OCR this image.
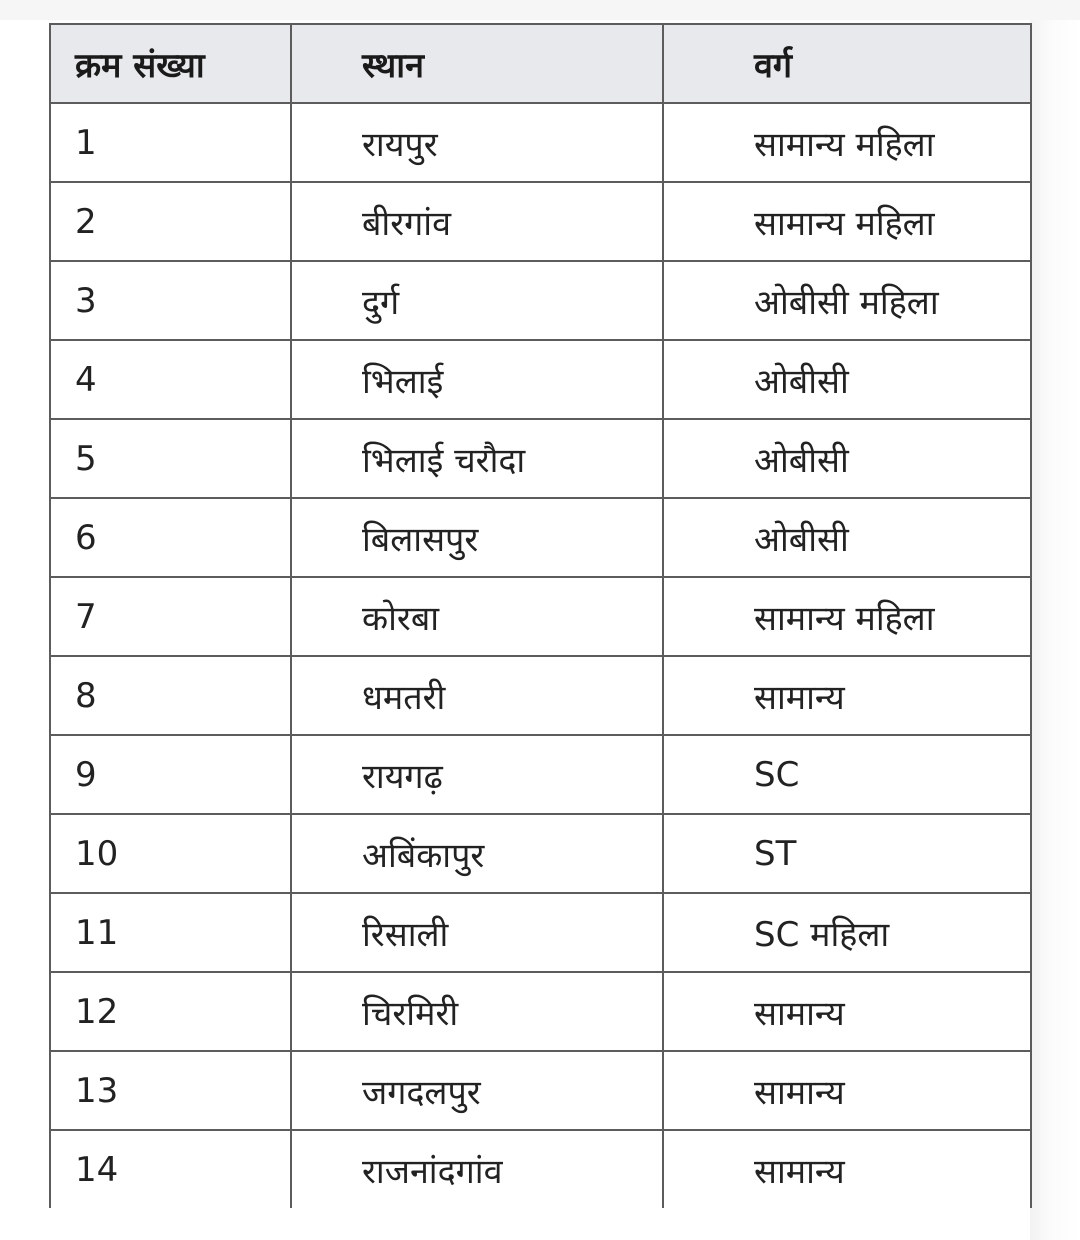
क्रम संख्या	स्थान	वर्ग
1	रायपुर	सामान्य महिला
2	बीरगांव	सामान्य महिला
3	दुर्ग	ओबीसी महिला
4	भिलाई	ओबीसी
5	भिलाई चरौदा	ओबीसी
6	बिलासपुर	ओबीसी
7	कोरबा	सामान्य महिला
8	धमतरी	सामान्य
9	रायगढ़	SC
10	अबिंकापुर	ST
11	रिसाली	SC महिला
12	चिरमिरी	सामान्य
13	जगदलपुर	सामान्य
14	राजनांदगांव	सामान्य
